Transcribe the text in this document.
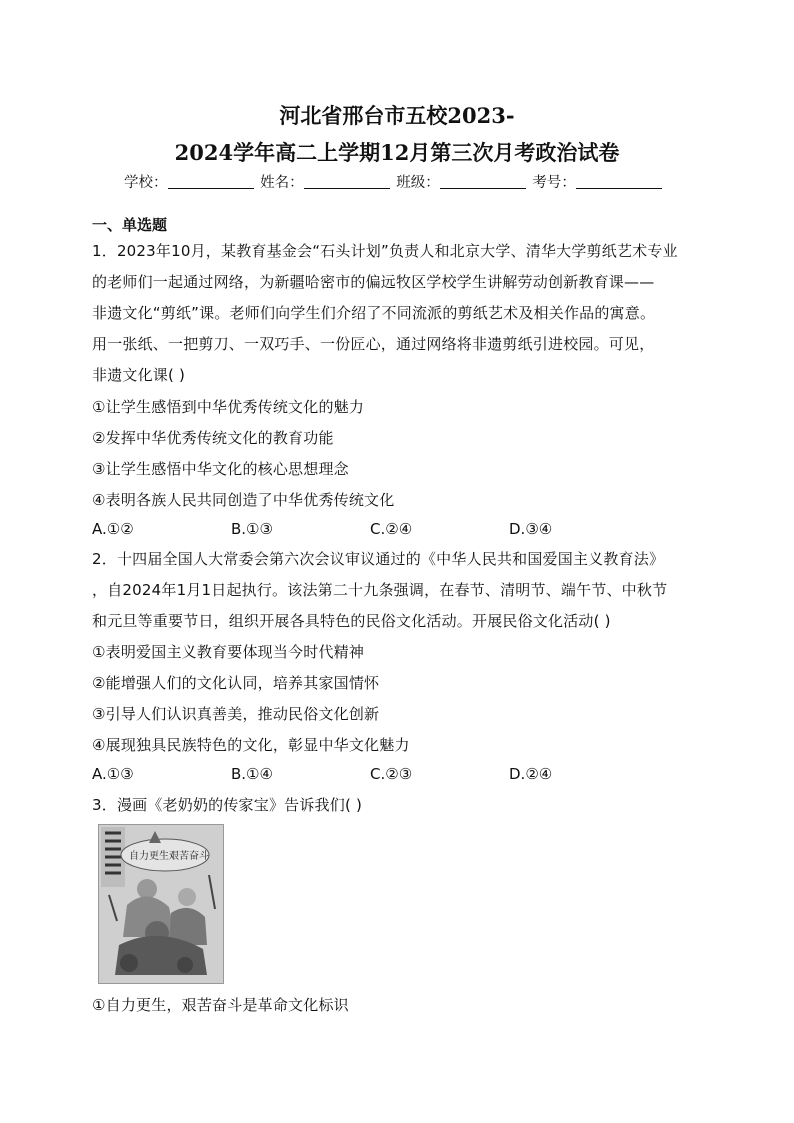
河北省邢台市五校2023-
2024学年高二上学期12月第三次月考政治试卷
学校：	姓名：	班级：	考号：
一、单选题
1．2023年10月，某教育基金会“石头计划”负责人和北京大学、清华大学剪纸艺术专业
的老师们一起通过网络，为新疆哈密市的偏远牧区学校学生讲解劳动创新教育课——
非遗文化“剪纸”课。老师们向学生们介绍了不同流派的剪纸艺术及相关作品的寓意。
用一张纸、一把剪刀、一双巧手、一份匠心，通过网络将非遗剪纸引进校园。可见，
非遗文化课( )
①让学生感悟到中华优秀传统文化的魅力
②发挥中华优秀传统文化的教育功能
③让学生感悟中华文化的核心思想理念
④表明各族人民共同创造了中华优秀传统文化
A.①②	B.①③	C.②④	D.③④
2．十四届全国人大常委会第六次会议审议通过的《中华人民共和国爱国主义教育法》
，自2024年1月1日起执行。该法第二十九条强调，在春节、清明节、端午节、中秋节
和元旦等重要节日，组织开展各具特色的民俗文化活动。开展民俗文化活动( )
①表明爱国主义教育要体现当今时代精神
②能增强人们的文化认同，培养其家国情怀
③引导人们认识真善美，推动民俗文化创新
④展现独具民族特色的文化，彰显中华文化魅力
A.①③	B.①④	C.②③	D.②④
3．漫画《老奶奶的传家宝》告诉我们( )
自力更生艰苦奋斗
①自力更生，艰苦奋斗是革命文化标识
